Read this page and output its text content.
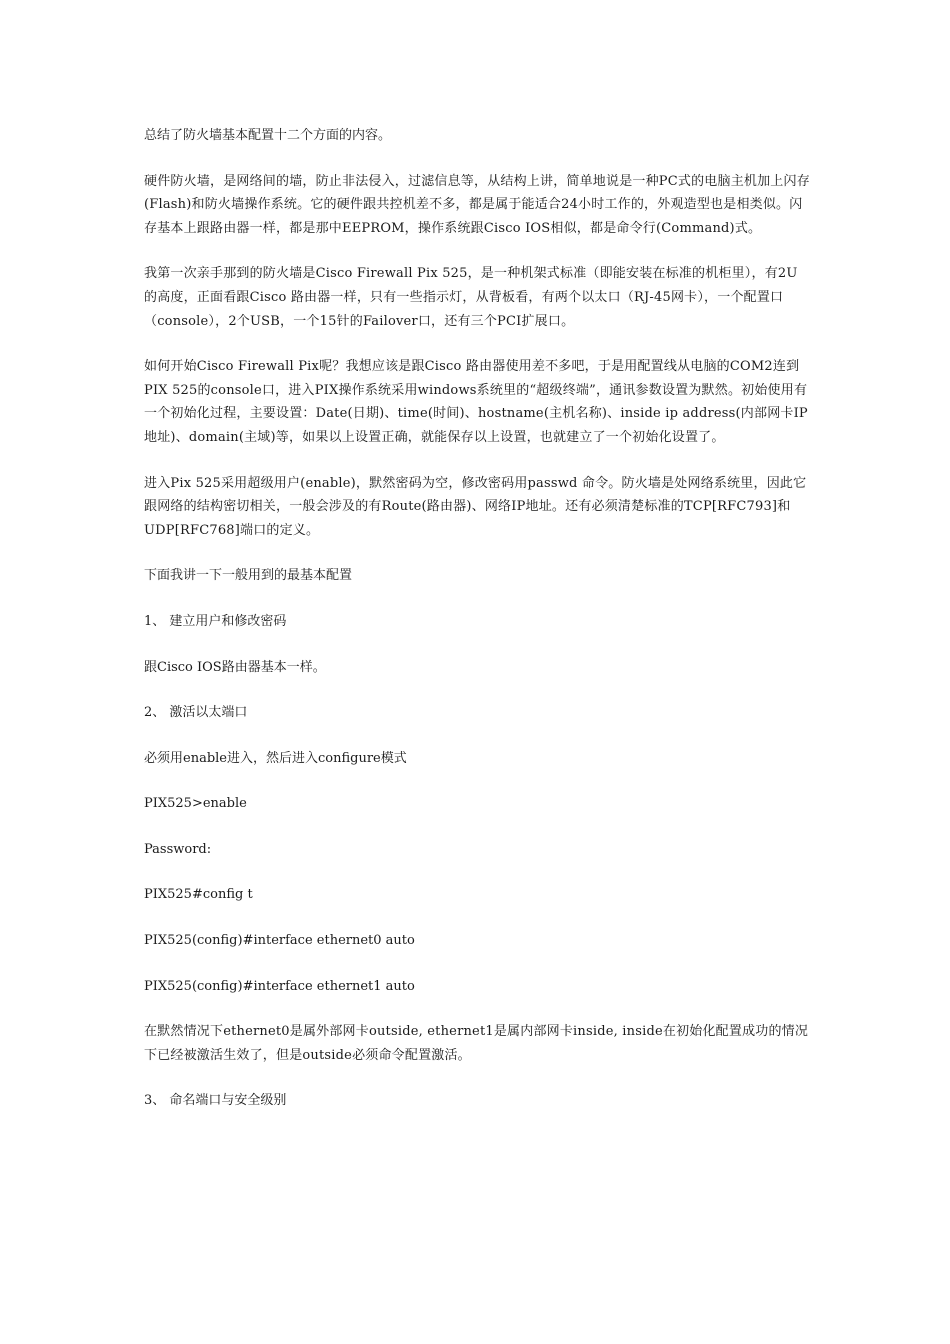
总结了防火墙基本配置十二个方面的内容。

硬件防火墙，是网络间的墙，防止非法侵入，过滤信息等，从结构上讲，简单地说是一种PC式的电脑主机加上闪存(Flash)和防火墙操作系统。它的硬件跟共控机差不多，都是属于能适合24小时工作的，外观造型也是相类似。闪存基本上跟路由器一样，都是那中EEPROM，操作系统跟Cisco IOS相似，都是命令行(Command)式。

我第一次亲手那到的防火墙是Cisco Firewall Pix 525，是一种机架式标准（即能安装在标准的机柜里），有2U的高度，正面看跟Cisco 路由器一样，只有一些指示灯，从背板看，有两个以太口（RJ-45网卡），一个配置口（console），2个USB，一个15针的Failover口，还有三个PCI扩展口。

如何开始Cisco Firewall Pix呢？我想应该是跟Cisco 路由器使用差不多吧，于是用配置线从电脑的COM2连到PIX 525的console口，进入PIX操作系统采用windows系统里的“超级终端”，通讯参数设置为默然。初始使用有一个初始化过程，主要设置：Date(日期)、time(时间)、hostname(主机名称)、inside ip address(内部网卡IP地址)、domain(主域)等，如果以上设置正确，就能保存以上设置，也就建立了一个初始化设置了。

进入Pix 525采用超级用户(enable)，默然密码为空，修改密码用passwd 命令。防火墙是处网络系统里，因此它跟网络的结构密切相关，一般会涉及的有Route(路由器)、网络IP地址。还有必须清楚标准的TCP[RFC793]和UDP[RFC768]端口的定义。

下面我讲一下一般用到的最基本配置

1、 建立用户和修改密码

跟Cisco IOS路由器基本一样。

2、 激活以太端口

必须用enable进入，然后进入configure模式

PIX525>enable

Password:

PIX525#config t

PIX525(config)#interface ethernet0 auto

PIX525(config)#interface ethernet1 auto

在默然情况下ethernet0是属外部网卡outside, ethernet1是属内部网卡inside, inside在初始化配置成功的情况下已经被激活生效了，但是outside必须命令配置激活。

3、 命名端口与安全级别
